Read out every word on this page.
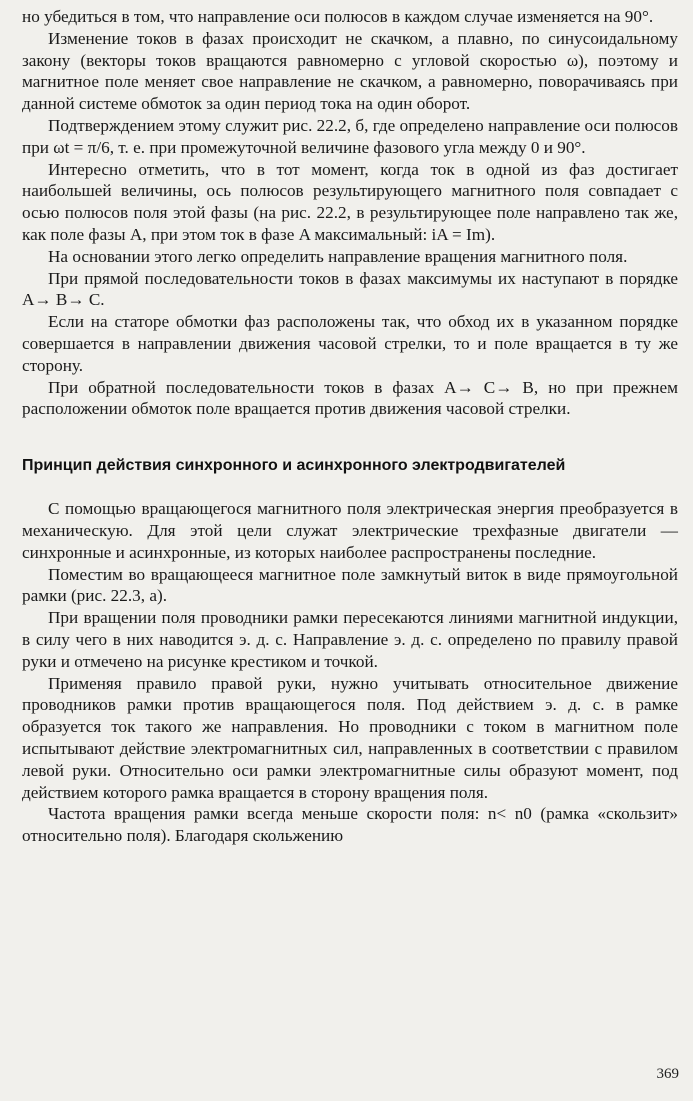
но убедиться в том, что направление оси полюсов в каждом случае изменяется на 90°.

Изменение токов в фазах происходит не скачком, а плавно, по синусоидальному закону (векторы токов вращаются равномерно с угловой скоростью ω), поэтому и магнитное поле меняет свое направление не скачком, а равномерно, поворачиваясь при данной системе обмоток за один период тока на один оборот.

Подтверждением этому служит рис. 22.2, б, где определено направление оси полюсов при ωt = π/6, т. е. при промежуточной величине фазового угла между 0 и 90°.

Интересно отметить, что в тот момент, когда ток в одной из фаз достигает наибольшей величины, ось полюсов результирующего магнитного поля совпадает с осью полюсов поля этой фазы (на рис. 22.2, в результирующее поле направлено так же, как поле фазы A, при этом ток в фазе A максимальный: iA = Im).

На основании этого легко определить направление вращения магнитного поля.

При прямой последовательности токов в фазах максимумы их наступают в порядке A→ B→ C.

Если на статоре обмотки фаз расположены так, что обход их в указанном порядке совершается в направлении движения часовой стрелки, то и поле вращается в ту же сторону.

При обратной последовательности токов в фазах A→ C→ B, но при прежнем расположении обмоток поле вращается против движения часовой стрелки.

Принцип действия синхронного и асинхронного электродвигателей

С помощью вращающегося магнитного поля электрическая энергия преобразуется в механическую. Для этой цели служат электрические трехфазные двигатели — синхронные и асинхронные, из которых наиболее распространены последние.

Поместим во вращающееся магнитное поле замкнутый виток в виде прямоугольной рамки (рис. 22.3, а).

При вращении поля проводники рамки пересекаются линиями магнитной индукции, в силу чего в них наводится э. д. с. Направление э. д. с. определено по правилу правой руки и отмечено на рисунке крестиком и точкой.

Применяя правило правой руки, нужно учитывать относительное движение проводников рамки против вращающегося поля. Под действием э. д. с. в рамке образуется ток такого же направления. Но проводники с током в магнитном поле испытывают действие электромагнитных сил, направленных в соответствии с правилом левой руки. Относительно оси рамки электромагнитные силы образуют момент, под действием которого рамка вращается в сторону вращения поля.

Частота вращения рамки всегда меньше скорости поля: n< n0 (рамка «скользит» относительно поля). Благодаря скольжению

369
